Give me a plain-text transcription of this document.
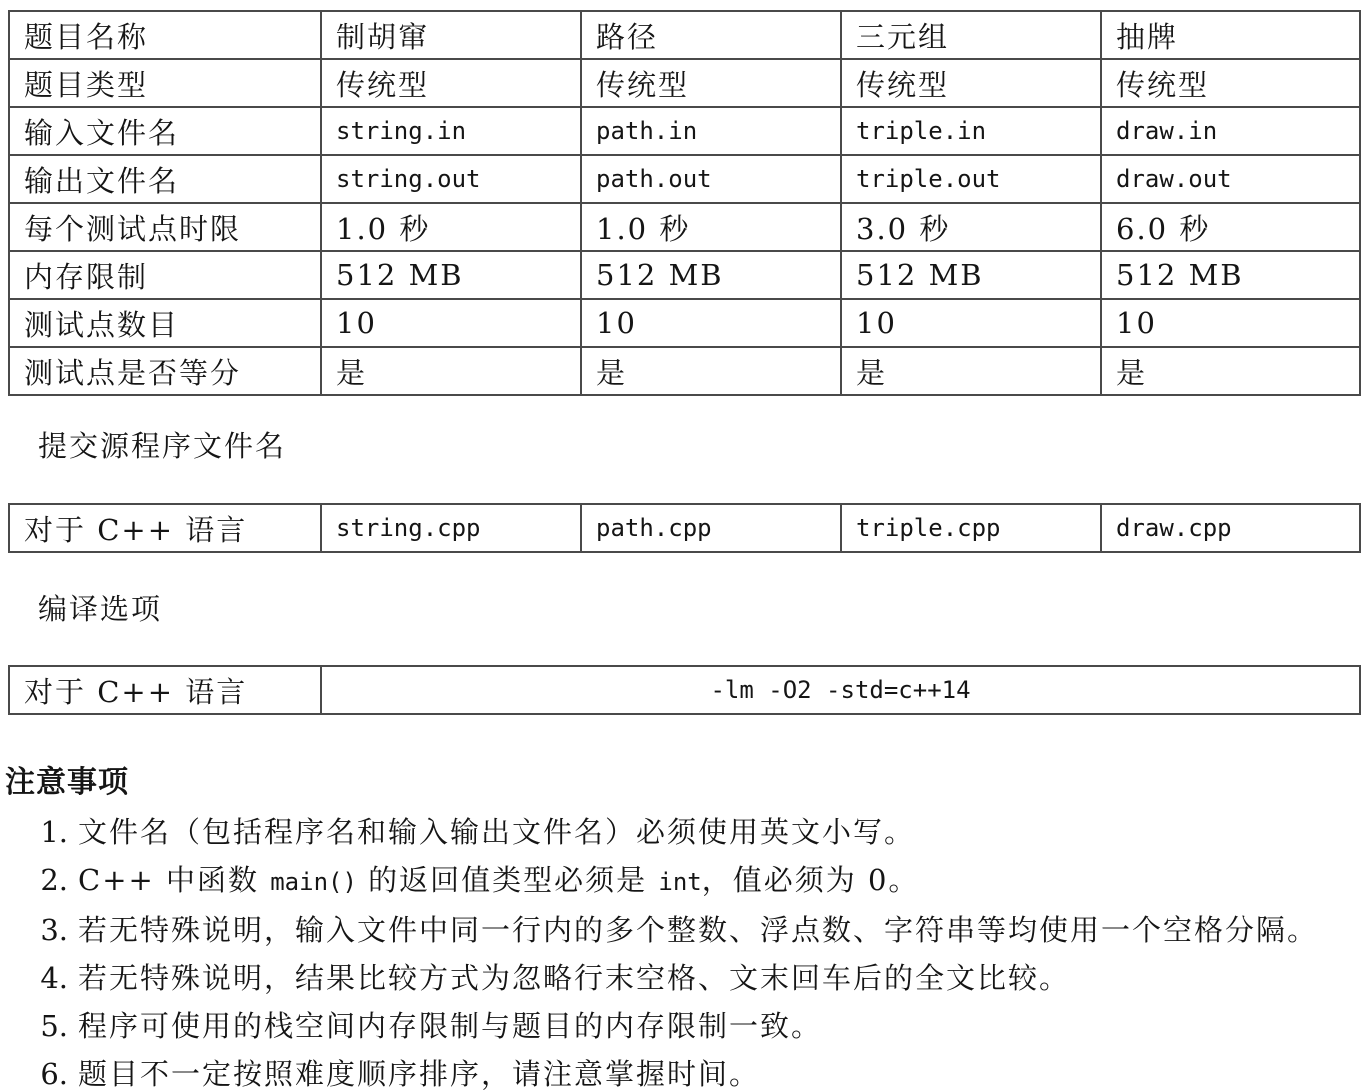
题目名称	制胡窜	路径	三元组	抽牌
题目类型	传统型	传统型	传统型	传统型
输入文件名	string.in	path.in	triple.in	draw.in
输出文件名	string.out	path.out	triple.out	draw.out
每个测试点时限	1.0 秒	1.0 秒	3.0 秒	6.0 秒
内存限制	512 MB	512 MB	512 MB	512 MB
测试点数目	10	10	10	10
测试点是否等分	是	是	是	是
提交源程序文件名
对于 C++ 语言	string.cpp	path.cpp	triple.cpp	draw.cpp
编译选项
对于 C++ 语言	-lm -O2 -std=c++14
注意事项
1. 文件名（包括程序名和输入输出文件名）必须使用英文小写。
2. C++ 中函数 main() 的返回值类型必须是 int，值必须为 0。
3. 若无特殊说明，输入文件中同一行内的多个整数、浮点数、字符串等均使用一个空格分隔。
4. 若无特殊说明，结果比较方式为忽略行末空格、文末回车后的全文比较。
5. 程序可使用的栈空间内存限制与题目的内存限制一致。
6. 题目不一定按照难度顺序排序，请注意掌握时间。
